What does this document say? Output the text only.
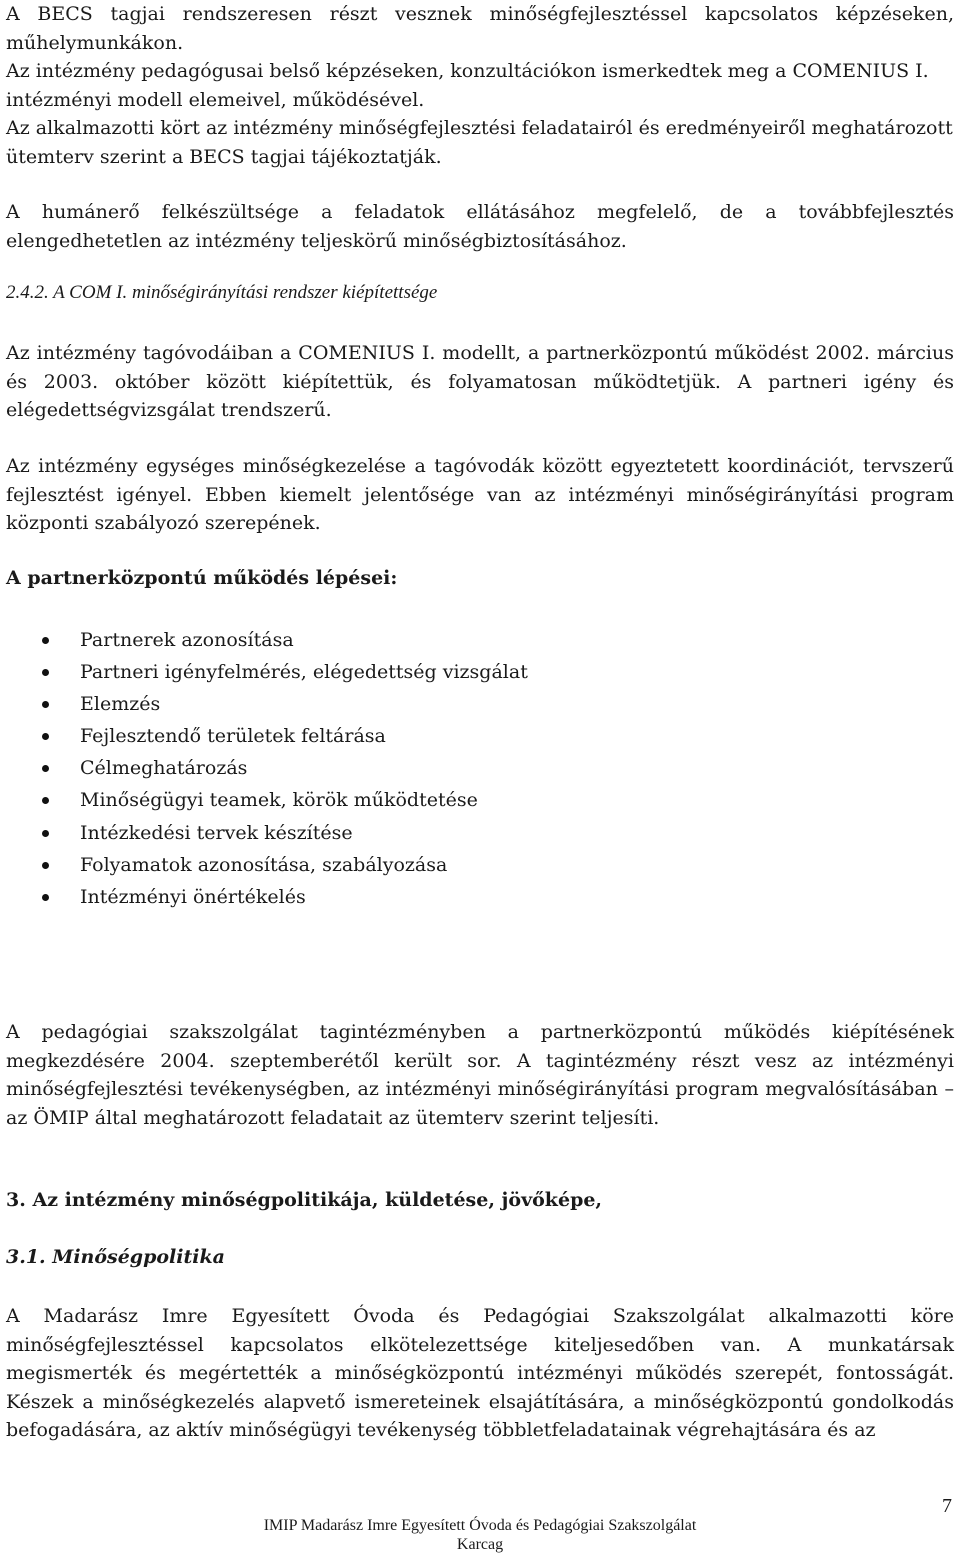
A BECS tagjai rendszeresen részt vesznek minőségfejlesztéssel kapcsolatos képzéseken, műhelymunkákon.

Az intézmény pedagógusai belső képzéseken, konzultációkon ismerkedtek meg a COMENIUS I. intézményi modell elemeivel, működésével.

Az alkalmazotti kört az intézmény minőségfejlesztési feladatairól és eredményeiről meghatározott ütemterv szerint a BECS tagjai tájékoztatják.

A humánerő felkészültsége a feladatok ellátásához megfelelő, de a továbbfejlesztés elengedhetetlen az intézmény teljeskörű minőségbiztosításához.

2.4.2. A COM I. minőségirányítási rendszer kiépítettsége

Az intézmény tagóvodáiban a COMENIUS I. modellt, a partnerközpontú működést 2002. március és 2003. október között kiépítettük, és folyamatosan működtetjük. A partneri igény és elégedettségvizsgálat trendszerű.

Az intézmény egységes minőségkezelése a tagóvodák között egyeztetett koordinációt, tervszerű fejlesztést igényel. Ebben kiemelt jelentősége van az intézményi minőségirányítási program központi szabályozó szerepének.

A partnerközpontú működés lépései:

Partnerek azonosítása
Partneri igényfelmérés, elégedettség vizsgálat
Elemzés
Fejlesztendő területek feltárása
Célmeghatározás
Minőségügyi teamek, körök működtetése
Intézkedési tervek készítése
Folyamatok azonosítása, szabályozása
Intézményi önértékelés

A pedagógiai szakszolgálat tagintézményben a partnerközpontú működés kiépítésének megkezdésére 2004. szeptemberétől került sor. A tagintézmény részt vesz az intézményi minőségfejlesztési tevékenységben, az intézményi minőségirányítási program megvalósításában – az ÖMIP által meghatározott feladatait az ütemterv szerint teljesíti.

3. Az intézmény minőségpolitikája, küldetése, jövőképe,

3.1. Minőségpolitika

A Madarász Imre Egyesített Óvoda és Pedagógiai Szakszolgálat alkalmazotti köre minőségfejlesztéssel kapcsolatos elkötelezettsége kiteljesedőben van. A munkatársak megismerték és megértették a minőségközpontú intézményi működés szerepét, fontosságát. Készek a minőségkezelés alapvető ismereteinek elsajátítására, a minőségközpontú gondolkodás befogadására, az aktív minőségügyi tevékenység többletfeladatainak végrehajtására és az

7

IMIP Madarász Imre Egyesített Óvoda és Pedagógiai Szakszolgálat

Karcag
